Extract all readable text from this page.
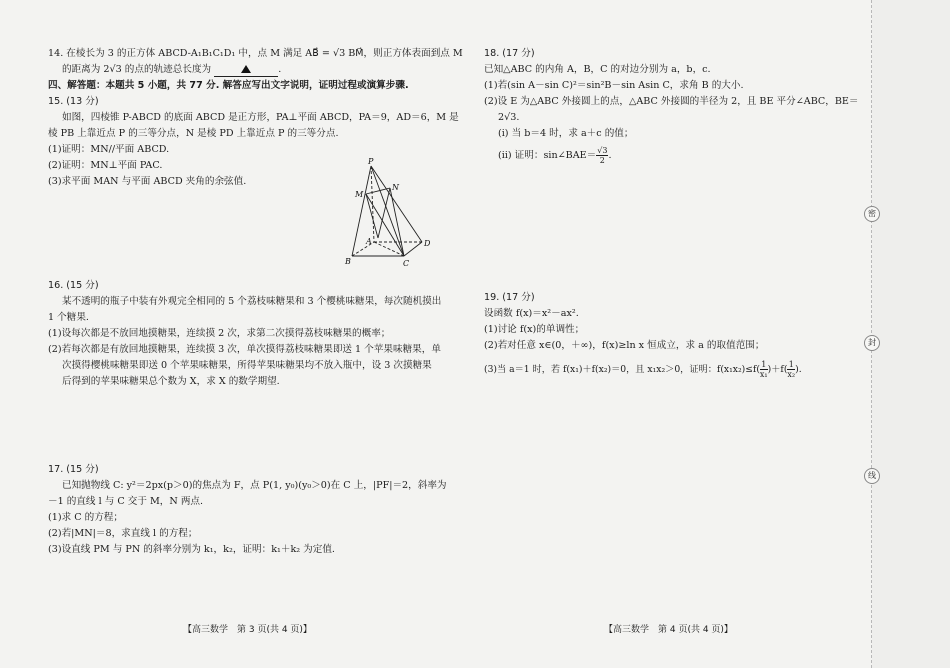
14. 在棱长为 3 的正方体 ABCD-A₁B₁C₁D₁ 中，点 M 满足 AB⃗ = √3 BM⃗，则正方体表面到点 M
的距离为 2√3 的点的轨迹总长度为	.
四、解答题：本题共 5 小题，共 77 分. 解答应写出文字说明，证明过程或演算步骤.
15. (13 分)
如图，四棱锥 P-ABCD 的底面 ABCD 是正方形，PA⊥平面 ABCD，PA＝9，AD＝6，M 是
棱 PB 上靠近点 P 的三等分点，N 是棱 PD 上靠近点 P 的三等分点.
(1)证明：MN//平面 ABCD.
(2)证明：MN⊥平面 PAC.
(3)求平面 MAN 与平面 ABCD 夹角的余弦值.
P
M
N
A
B	C
D
16. (15 分)
某不透明的瓶子中装有外观完全相同的 5 个荔枝味糖果和 3 个樱桃味糖果，每次随机摸出
1 个糖果.
(1)设每次都是不放回地摸糖果，连续摸 2 次，求第二次摸得荔枝味糖果的概率；
(2)若每次都是有放回地摸糖果，连续摸 3 次，单次摸得荔枝味糖果即送 1 个苹果味糖果，单
次摸得樱桃味糖果即送 0 个苹果味糖果，所得苹果味糖果均不放入瓶中，设 3 次摸糖果
后得到的苹果味糖果总个数为 X，求 X 的数学期望.
17. (15 分)
已知抛物线 C: y²＝2px(p＞0)的焦点为 F，点 P(1, y₀)(y₀＞0)在 C 上，|PF|＝2，斜率为
－1 的直线 l 与 C 交于 M，N 两点.
(1)求 C 的方程；
(2)若|MN|＝8，求直线 l 的方程；
(3)设直线 PM 与 PN 的斜率分别为 k₁，k₂，证明：k₁＋k₂ 为定值.
【高三数学　第 3 页(共 4 页)】
18. (17 分)
已知△ABC 的内角 A，B，C 的对边分别为 a，b，c.
(1)若(sin A－sin C)²＝sin²B－sin Asin C，求角 B 的大小.
(2)设 E 为△ABC 外接圆上的点，△ABC 外接圆的半径为 2，且 BE 平分∠ABC，BE＝
2√3.
(ⅰ) 当 b＝4 时，求 a＋c 的值；
(ⅱ) 证明：sin∠BAE＝ $\frac{√3}{2}$ .
19. (17 分)
设函数 f(x)＝x²－ax².
(1)讨论 f(x)的单调性；
(2)若对任意 x∈(0，＋∞)，f(x)≥ln x 恒成立，求 a 的取值范围；
(3)当 a＝1 时，若 f(x₁)＋f(x₂)＝0，且 x₁x₂＞0，证明：$f(x_1x_2)\le f( \frac{1}{\text{x₁}} )+f( \frac{1}{\text{x₂}}$ ).
【高三数学　第 4 页(共 4 页)】
密
封
线
